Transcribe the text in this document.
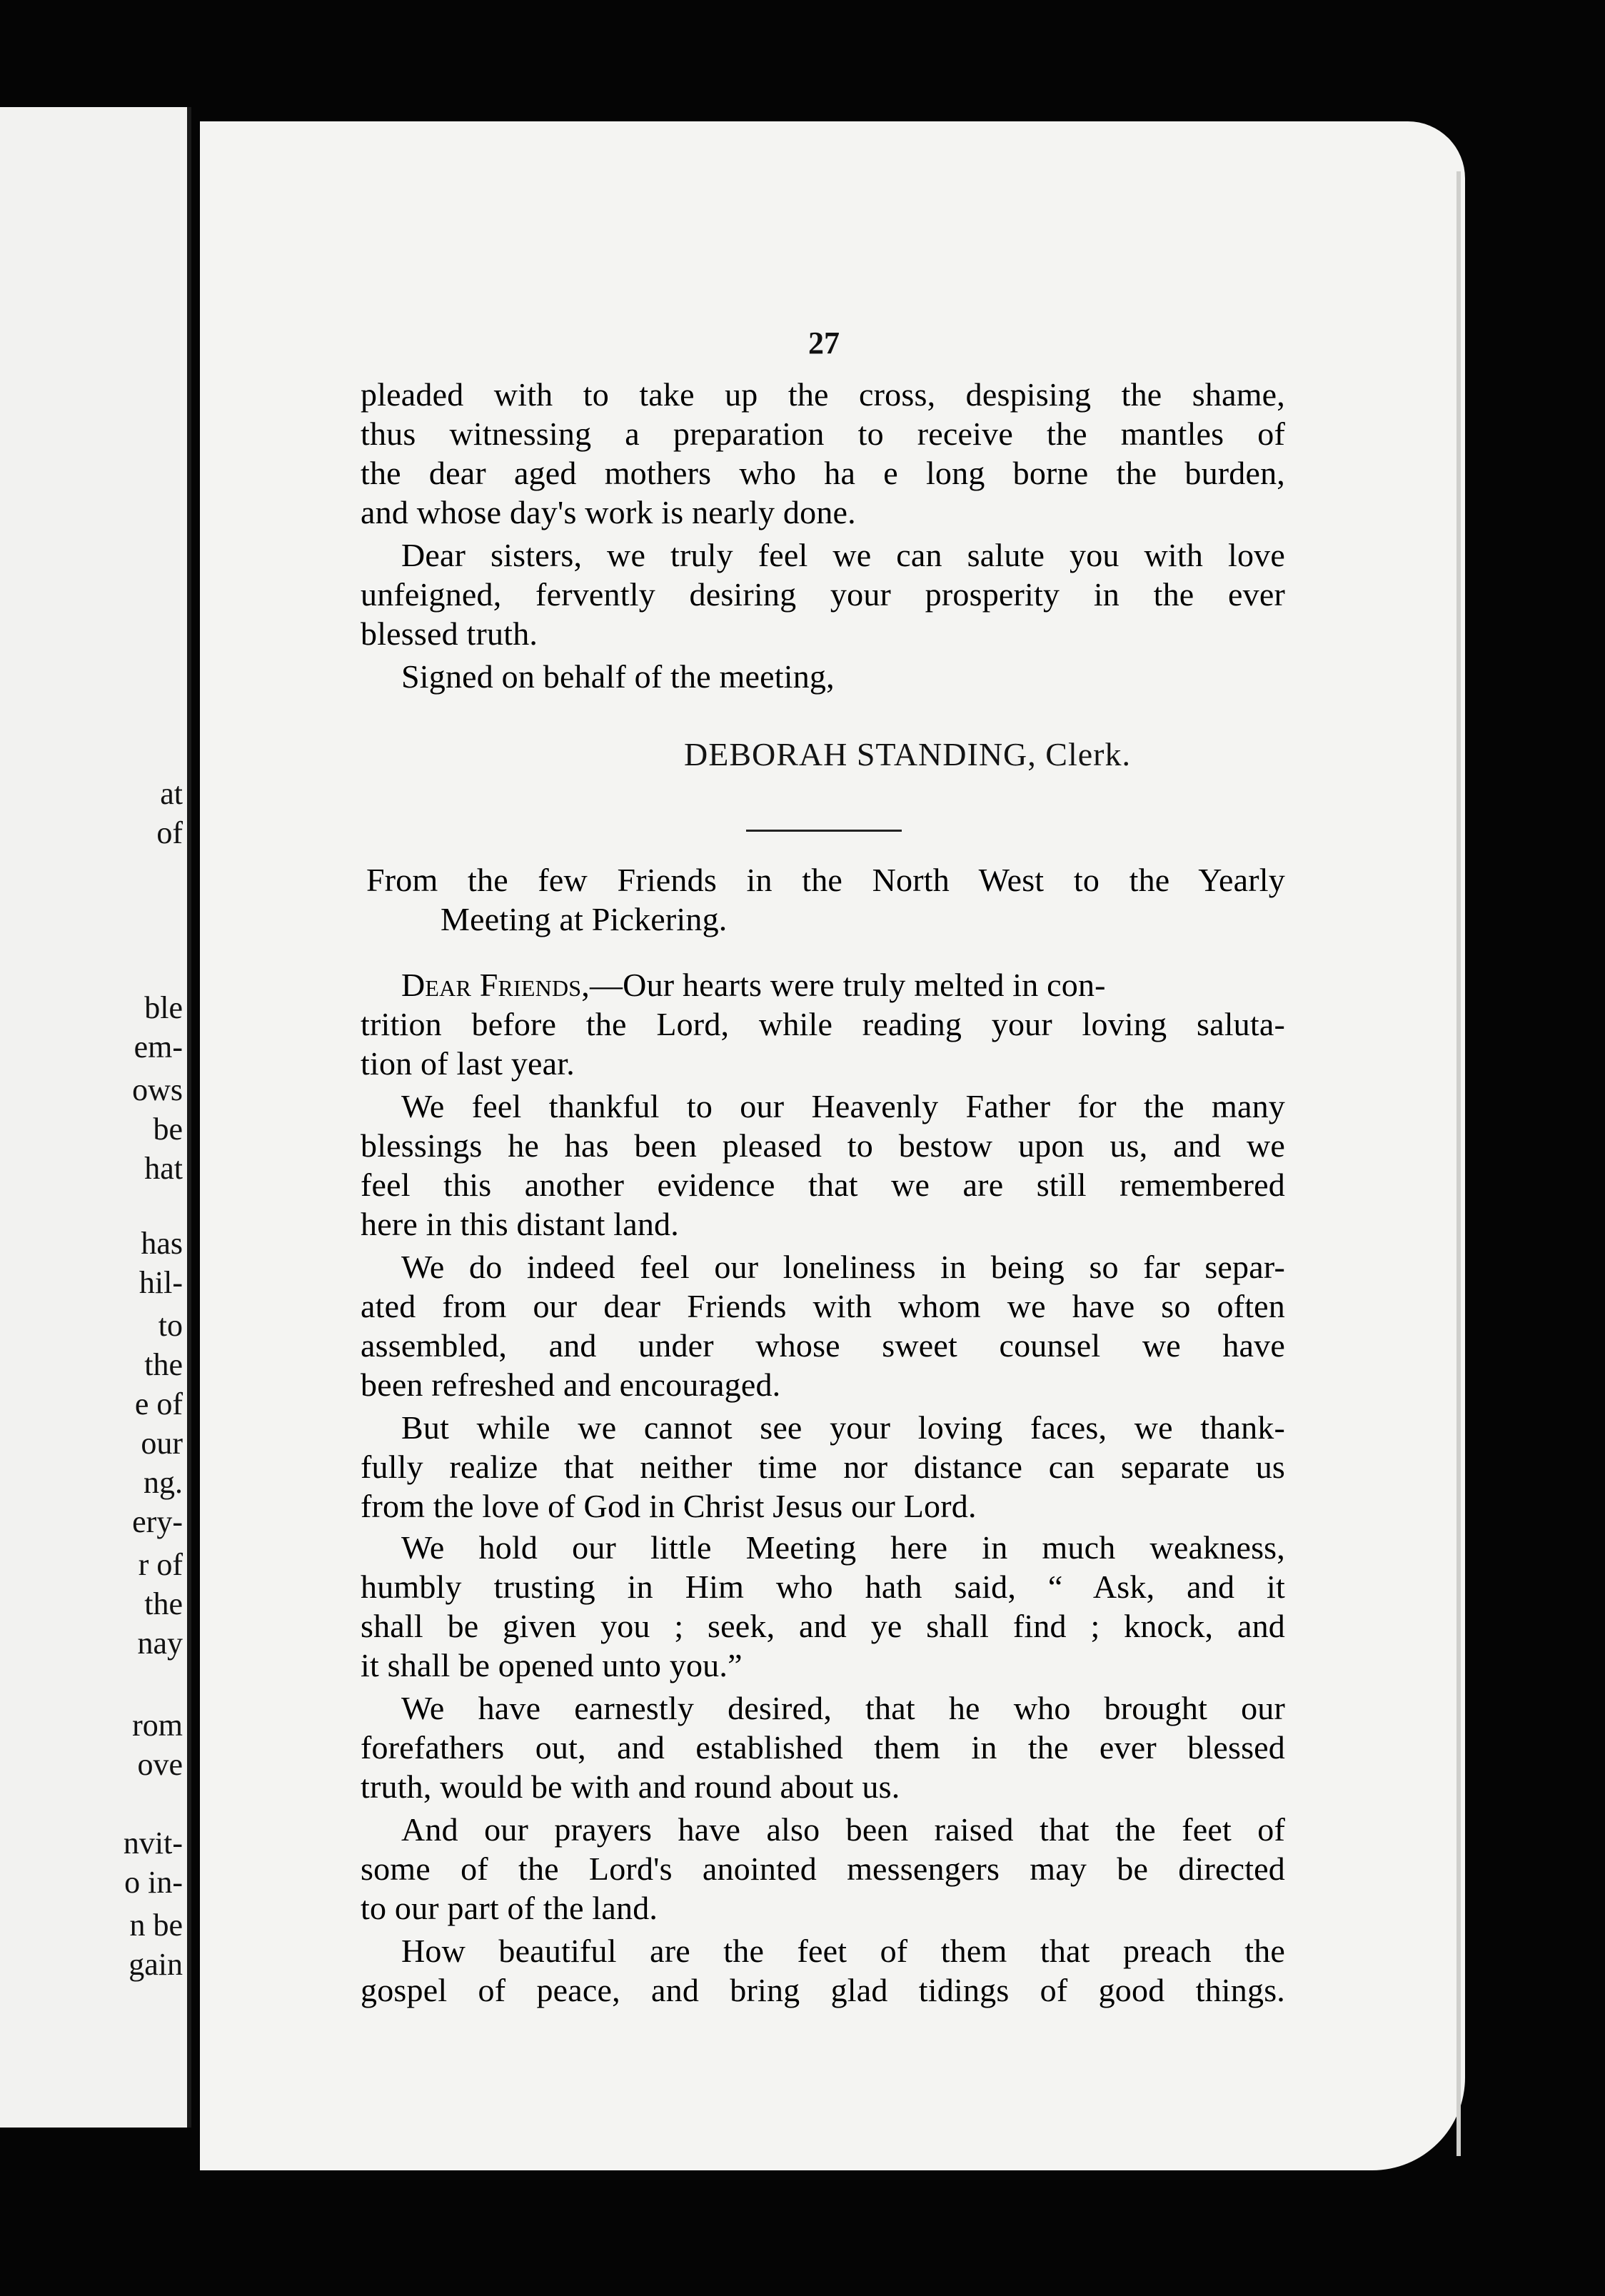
at
of
ble
em-
ows
be
hat
has
hil-
to
the
e of
our
ng.
ery-
r of
the
nay
rom
ove
nvit-
o in-
n be
gain
27
DEBORAH STANDING, Clerk.
pleaded with to take up the cross, despising the shame,
thus witnessing a preparation to receive the mantles of
the dear aged mothers who ha e long borne the burden,
and whose day's work is nearly done.
Dear sisters, we truly feel we can salute you with love
unfeigned, fervently desiring your prosperity in the ever
blessed truth.
Signed on behalf of the meeting,
From the few Friends in the North West to the Yearly
Meeting at Pickering.
trition before the Lord, while reading your loving saluta-
tion of last year.
We feel thankful to our Heavenly Father for the many
blessings he has been pleased to bestow upon us, and we
feel this another evidence that we are still remembered
here in this distant land.
We do indeed feel our loneliness in being so far separ-
ated from our dear Friends with whom we have so often
assembled, and under whose sweet counsel we have
been refreshed and encouraged.
But while we cannot see your loving faces, we thank-
fully realize that neither time nor distance can separate us
from the love of God in Christ Jesus our Lord.
We hold our little Meeting here in much weakness,
humbly trusting in Him who hath said, “ Ask, and it
shall be given you ; seek, and ye shall find ; knock, and
it shall be opened unto you.”
We have earnestly desired, that he who brought our
forefathers out, and established them in the ever blessed
truth, would be with and round about us.
And our prayers have also been raised that the feet of
some of the Lord's anointed messengers may be directed
to our part of the land.
How beautiful are the feet of them that preach the
gospel of peace, and bring glad tidings of good things.
Dear Friends,—Our hearts were truly melted in con-
